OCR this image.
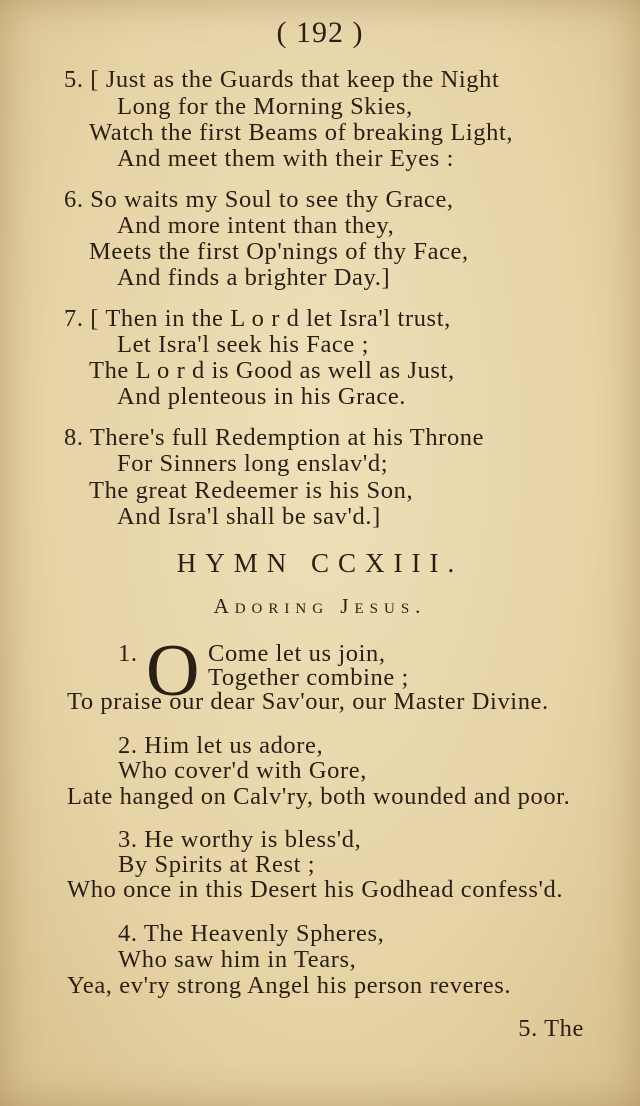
( 192 )
5. [ Just as the Guards that keep the Night
Long for the Morning Skies,
Watch the first Beams of breaking Light,
And meet them with their Eyes :
6. So waits my Soul to see thy Grace,
And more intent than they,
Meets the first Op'nings of thy Face,
And finds a brighter Day.]
7. [ Then in the L o r d let Isra'l trust,
Let Isra'l seek his Face ;
The L o r d is Good as well as Just,
And plenteous in his Grace.
8. There's full Redemption at his Throne
For Sinners long enslav'd;
The great Redeemer is his Son,
And Isra'l shall be sav'd.]
HYMN CCXIII.
Adoring Jesus.
1. O Come let us join,
Together combine ;
To praise our dear Sav'our, our Master Divine.
2. Him let us adore,
Who cover'd with Gore,
Late hanged on Calv'ry, both wounded and poor.
3. He worthy is bless'd,
By Spirits at Rest ;
Who once in this Desert his Godhead confess'd.
4. The Heavenly Spheres,
Who saw him in Tears,
Yea, ev'ry strong Angel his person reveres.
5. The
